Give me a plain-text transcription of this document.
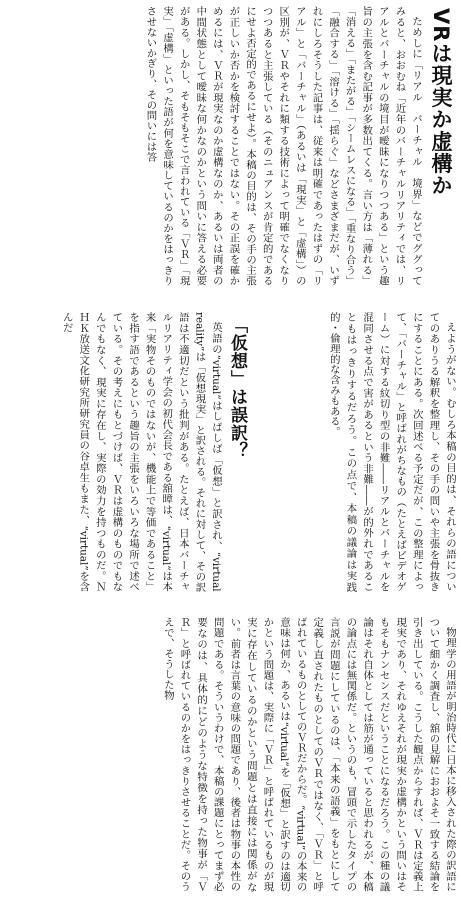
VRは現実か虚構か

ためしに「リアル　バーチャル　境界」などでググってみると、おおむね「近年のバーチャルリアリティでは、リアルとバーチャルの境目が曖昧になりつつある」という趣旨の主張を含む記事が多数出てくる。言い方は「薄れる」「消える」「またがる」「シームレスになる」「重なり合う」「融合する」「溶ける」「揺らぐ」などさまざまだが、いずれにしろそうした記事は、従来は明確であったはずの「リアル」と「バーチャル」（あるいは「現実」と「虚構」）の区別が、ＶＲやそれに類する技術によって明確でなくなりつつあると主張している（そのニュアンスが肯定的であるにせよ否定的であるにせよ）。本稿の目的は、その手の主張が正しいか否かを検討することではない。その正誤を確かめるには、ＶＲが現実なのか虚構なのか、あるいは両者の中間状態として曖昧な何かなのかという問いに答える必要がある。しかし、そもそもそこで言われている「ＶＲ」「現実」「虚構」といった語が何を意味しているのかをはっきりさせないかぎり、その問いには答

えようがない。むしろ本稿の目的は、それらの語についてのありうる解釈を整理し、その手の問いや主張を骨抜きにすることにある。次回述べる予定だが、この整理によって、「バーチャル」と呼ばれがちなもの（たとえばビデオゲーム）に対する紋切り型の非難――リアルとバーチャルを混同させる点で害があるという非難――が的外れであることもはっきりするだろう。この点で、本稿の議論は実践的・倫理的な含みもある。

「仮想」は誤訳？

英語の“virtual”はしばしば「仮想」と訳され、“virtual reality”は「仮想現実」と訳される。それに対して、その訳語は不適切だという批判がある。たとえば、日本バーチャルリアリティ学会の初代会長である舘暲は、“virtual”は本来「実物そのものではないが、機能上で等価であること」を指す語であるという趣旨の主張をいろいろな場所で述べている。その考えにもとづけば、ＶＲは虚構のものでもなんでもなく、現実に存在し、実際の効力を持つものだ。ＮＨＫ放送文化研究所研究員の谷卓生もまた、“virtual”を含んだ

物理学の用語が明治時代に日本に移入された際の訳語について細かく調査し、舘の見解におおよそ一致する結論を引き出している。こうした観点からすれば、ＶＲは定義上現実であり、それゆえそれが現実か虚構かという問いはそもそもナンセンスだということになるだろう。この種の議論はそれ自体としては筋が通っていると思われるが、本稿の論点には無関係だ。というのも、冒頭で示したタイプの言説が問題にしているのは、「本来の語義」をもとにして定義し直されたものとしてのＶＲではなく、「ＶＲ」と呼ばれているものとしてのＶＲだからだ。“virtual”の本来の意味は何か、あるいは“virtual”を「仮想」と訳すのは適切かという問題は、実際に「ＶＲ」と呼ばれているものが現実に存在しているのかという問題とは直接には関係がない。前者は言葉の意味の問題であり、後者は物事の本性の問題である。そういうわけで、本稿の課題にとってまず必要なのは、具体的にどのような特徴を持った物事が「ＶＲ」と呼ばれているのかをはっきりさせることだ。そのうえで、そうした物
